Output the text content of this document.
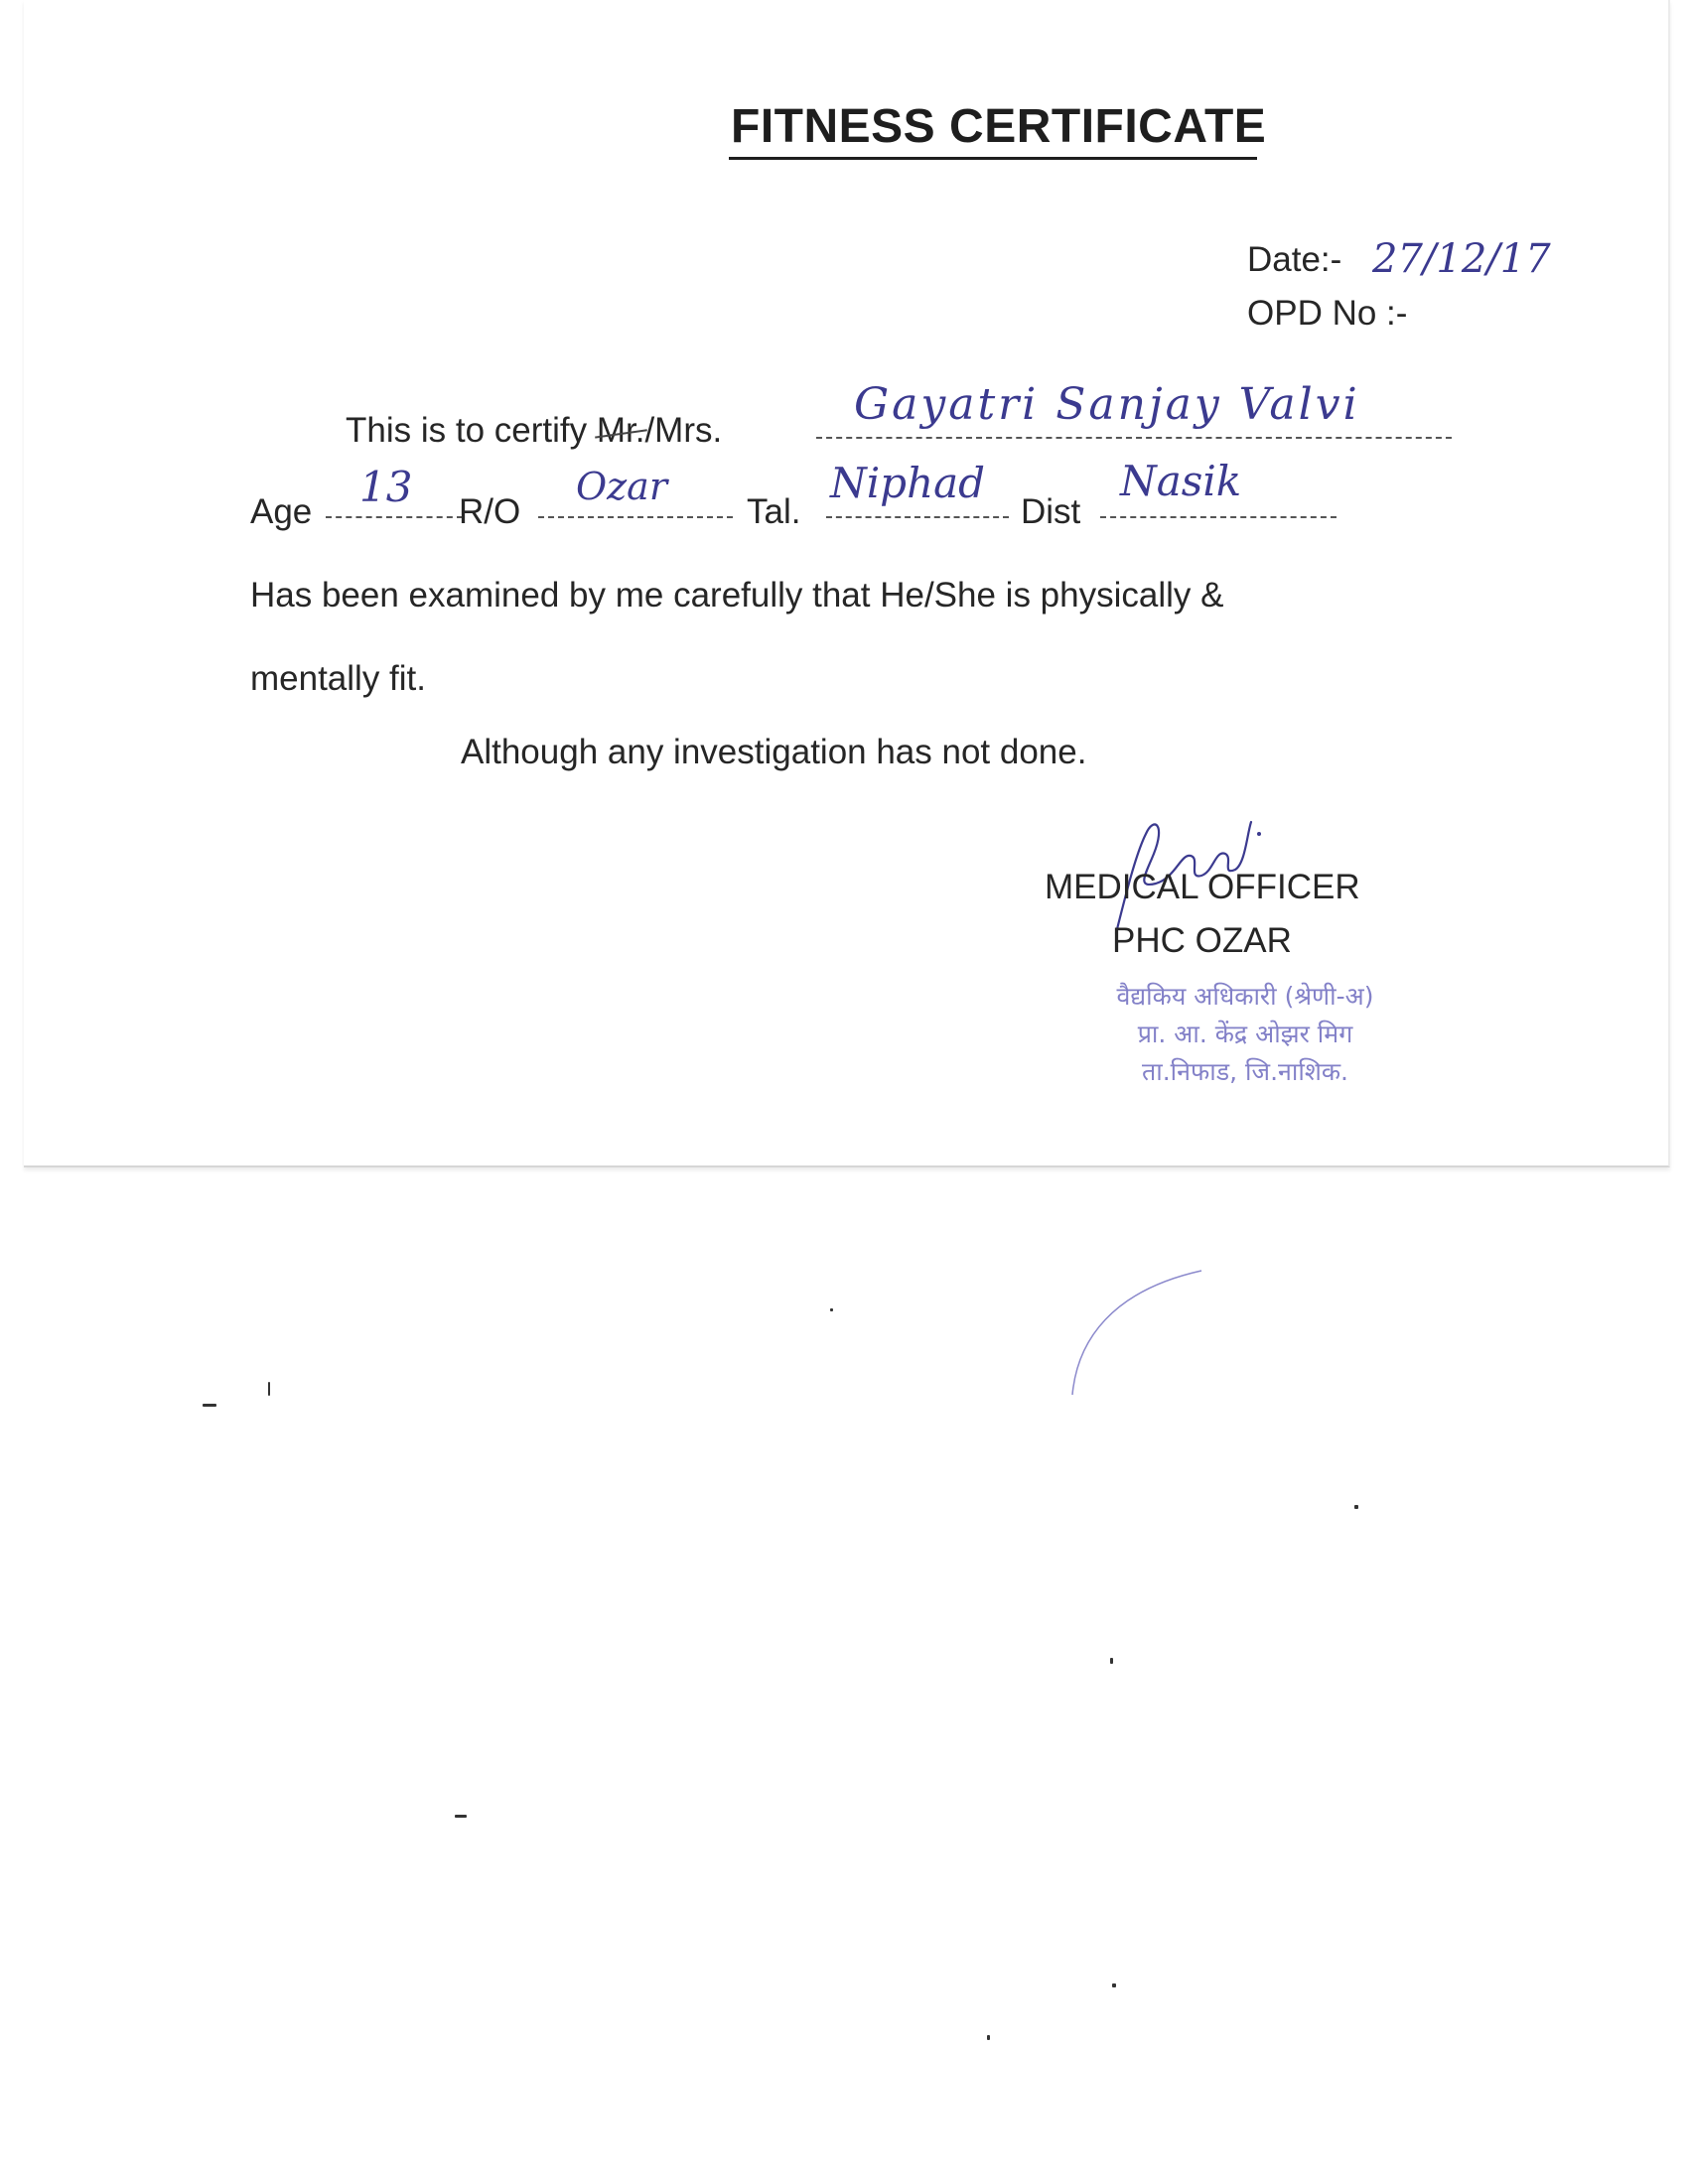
FITNESS CERTIFICATE
Date:- 27/12/17
OPD No :-
This is to certify Mr./Mrs.
Gayatri Sanjay Valvi
Age
13
R/O
Ozar
Tal.
Niphad
Dist
Nasik
Has been examined by me carefully that He/She is physically &
mentally fit.
Although any investigation has not done.
MEDICAL OFFICER
PHC OZAR
वैद्यकिय अधिकारी (श्रेणी-अ)
प्रा. आ. केंद्र ओझर मिग
ता.निफाड, जि.नाशिक.
